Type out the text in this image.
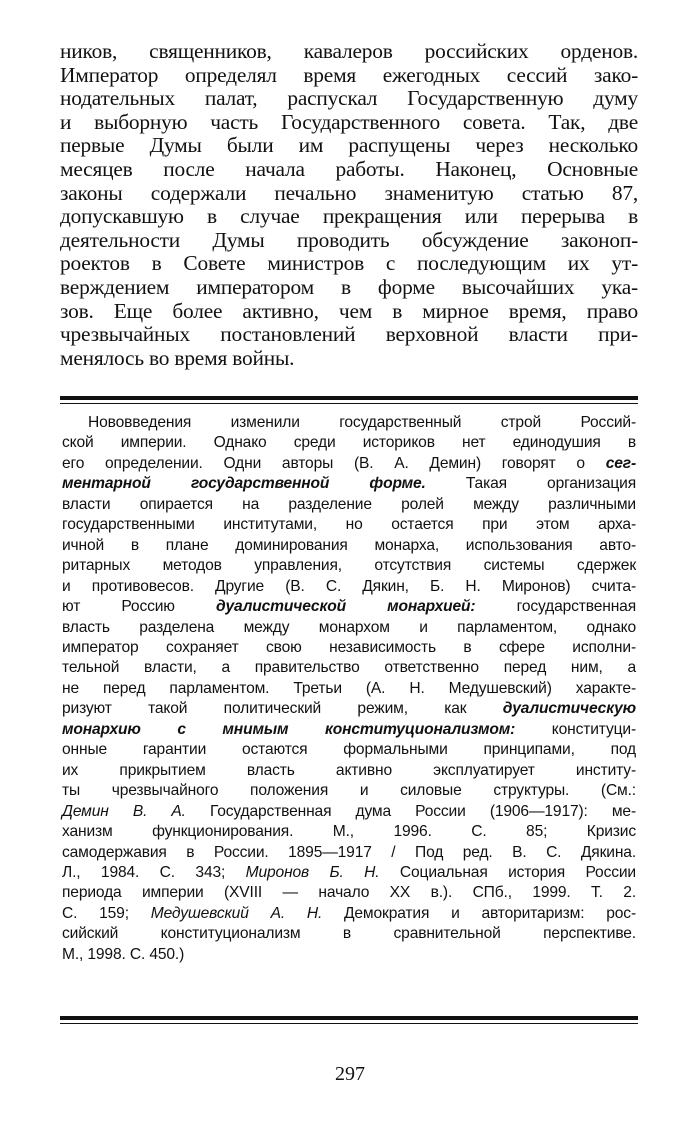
ников, священников, кавалеров российских орденов.
Император определял время ежегодных сессий зако-
нодательных палат, распускал Государственную думу
и выборную часть Государственного совета. Так, две
первые Думы были им распущены через несколько
месяцев после начала работы. Наконец, Основные
законы содержали печально знаменитую статью 87,
допускавшую в случае прекращения или перерыва в
деятельности Думы проводить обсуждение законоп-
роектов в Совете министров с последующим их ут-
верждением императором в форме высочайших ука-
зов. Еще более активно, чем в мирное время, право
чрезвычайных постановлений верховной власти при-
менялось во время войны.

Нововведения изменили государственный строй Россий-
ской империи. Однако среди историков нет единодушия в
его определении. Одни авторы (В. А. Демин) говорят о сег-
ментарной государственной форме. Такая организация
власти опирается на разделение ролей между различными
государственными институтами, но остается при этом арха-
ичной в плане доминирования монарха, использования авто-
ритарных методов управления, отсутствия системы сдержек
и противовесов. Другие (В. С. Дякин, Б. Н. Миронов) счита-
ют Россию дуалистической монархией: государственная
власть разделена между монархом и парламентом, однако
император сохраняет свою независимость в сфере исполни-
тельной власти, а правительство ответственно перед ним, а
не перед парламентом. Третьи (А. Н. Медушевский) характе-
ризуют такой политический режим, как дуалистическую
монархию с мнимым конституционализмом: конституци-
онные гарантии остаются формальными принципами, под
их прикрытием власть активно эксплуатирует институ-
ты чрезвычайного положения и силовые структуры. (См.:
Демин В. А. Государственная дума России (1906—1917): ме-
ханизм функционирования. М., 1996. С. 85; Кризис
самодержавия в России. 1895—1917 / Под ред. В. С. Дякина.
Л., 1984. С. 343; Миронов Б. Н. Социальная история России
периода империи (XVIII — начало XX в.). СПб., 1999. Т. 2.
С. 159; Медушевский А. Н. Демократия и авторитаризм: рос-
сийский конституционализм в сравнительной перспективе.
М., 1998. С. 450.)
297
